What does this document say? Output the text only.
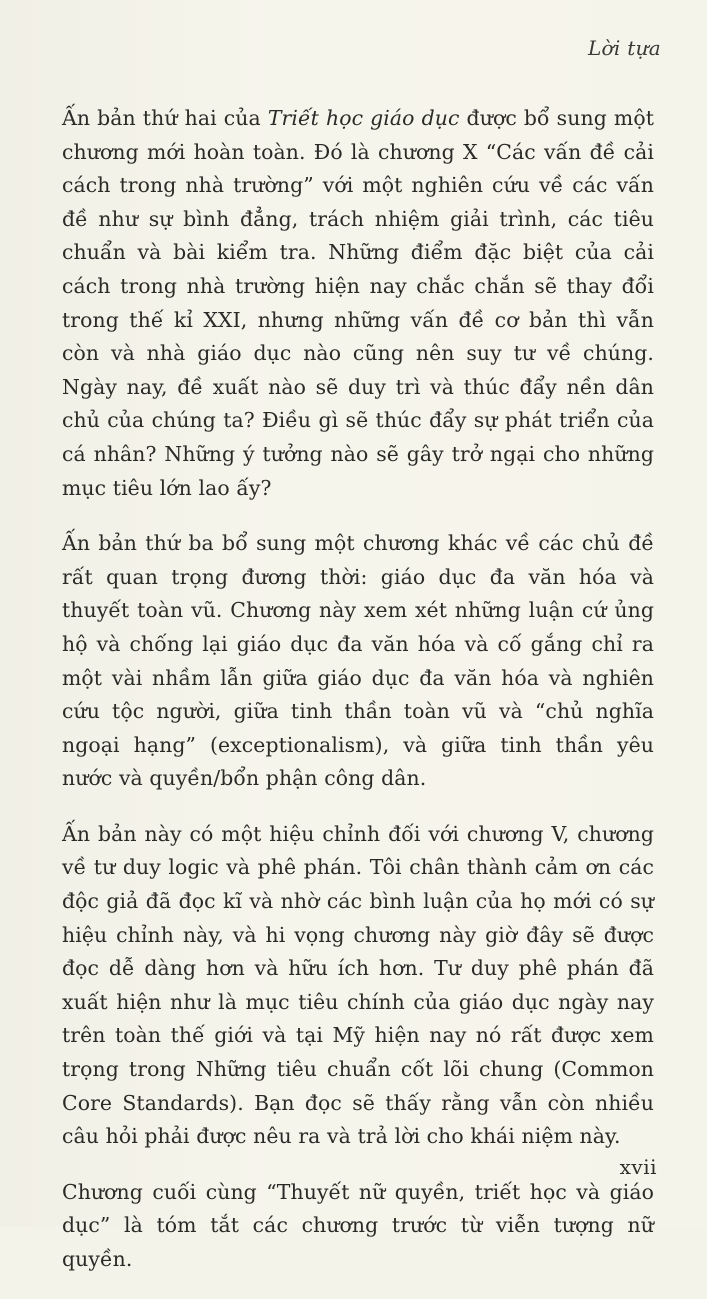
Lời tựa

Ấn bản thứ hai của Triết học giáo dục được bổ sung một chương mới hoàn toàn. Đó là chương X “Các vấn đề cải cách trong nhà trường” với một nghiên cứu về các vấn đề như sự bình đẳng, trách nhiệm giải trình, các tiêu chuẩn và bài kiểm tra. Những điểm đặc biệt của cải cách trong nhà trường hiện nay chắc chắn sẽ thay đổi trong thế kỉ XXI, nhưng những vấn đề cơ bản thì vẫn còn và nhà giáo dục nào cũng nên suy tư về chúng. Ngày nay, đề xuất nào sẽ duy trì và thúc đẩy nền dân chủ của chúng ta? Điều gì sẽ thúc đẩy sự phát triển của cá nhân? Những ý tưởng nào sẽ gây trở ngại cho những mục tiêu lớn lao ấy?

Ấn bản thứ ba bổ sung một chương khác về các chủ đề rất quan trọng đương thời: giáo dục đa văn hóa và thuyết toàn vũ. Chương này xem xét những luận cứ ủng hộ và chống lại giáo dục đa văn hóa và cố gắng chỉ ra một vài nhầm lẫn giữa giáo dục đa văn hóa và nghiên cứu tộc người, giữa tinh thần toàn vũ và “chủ nghĩa ngoại hạng” (exceptionalism), và giữa tinh thần yêu nước và quyền/bổn phận công dân.

Ấn bản này có một hiệu chỉnh đối với chương V, chương về tư duy logic và phê phán. Tôi chân thành cảm ơn các độc giả đã đọc kĩ và nhờ các bình luận của họ mới có sự hiệu chỉnh này, và hi vọng chương này giờ đây sẽ được đọc dễ dàng hơn và hữu ích hơn. Tư duy phê phán đã xuất hiện như là mục tiêu chính của giáo dục ngày nay trên toàn thế giới và tại Mỹ hiện nay nó rất được xem trọng trong Những tiêu chuẩn cốt lõi chung (Common Core Standards). Bạn đọc sẽ thấy rằng vẫn còn nhiều câu hỏi phải được nêu ra và trả lời cho khái niệm này.

Chương cuối cùng “Thuyết nữ quyền, triết học và giáo dục” là tóm tắt các chương trước từ viễn tượng nữ quyền.

xvii
